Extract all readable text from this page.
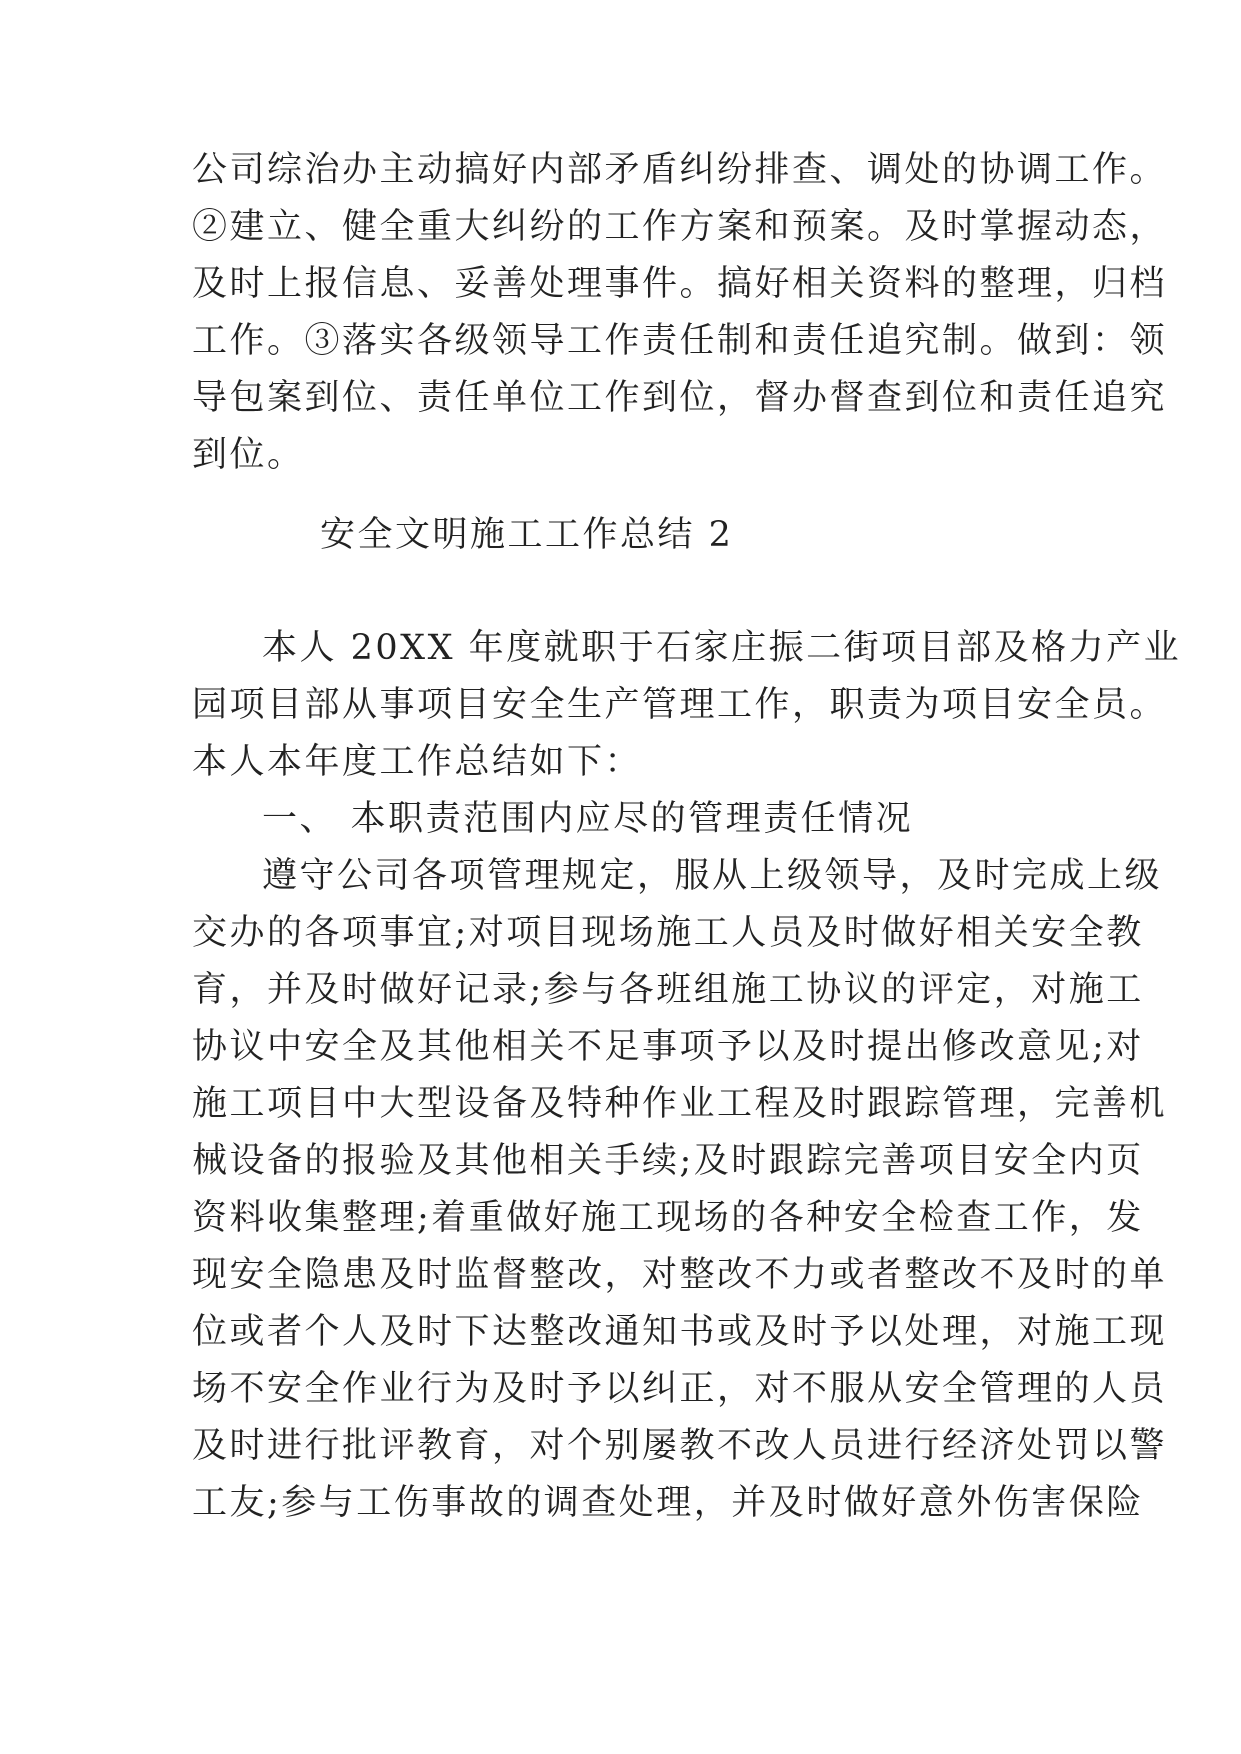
公司综治办主动搞好内部矛盾纠纷排查、调处的协调工作。

②建立、健全重大纠纷的工作方案和预案。及时掌握动态，

及时上报信息、妥善处理事件。搞好相关资料的整理，归档

工作。③落实各级领导工作责任制和责任追究制。做到：领

导包案到位、责任单位工作到位，督办督查到位和责任追究

到位。

安全文明施工工作总结 2

本人 20XX 年度就职于石家庄振二街项目部及格力产业

园项目部从事项目安全生产管理工作，职责为项目安全员。

本人本年度工作总结如下：

一、 本职责范围内应尽的管理责任情况

遵守公司各项管理规定，服从上级领导，及时完成上级

交办的各项事宜;对项目现场施工人员及时做好相关安全教

育，并及时做好记录;参与各班组施工协议的评定，对施工

协议中安全及其他相关不足事项予以及时提出修改意见;对

施工项目中大型设备及特种作业工程及时跟踪管理，完善机

械设备的报验及其他相关手续;及时跟踪完善项目安全内页

资料收集整理;着重做好施工现场的各种安全检查工作，发

现安全隐患及时监督整改，对整改不力或者整改不及时的单

位或者个人及时下达整改通知书或及时予以处理，对施工现

场不安全作业行为及时予以纠正，对不服从安全管理的人员

及时进行批评教育，对个别屡教不改人员进行经济处罚以警

工友;参与工伤事故的调查处理，并及时做好意外伤害保险
